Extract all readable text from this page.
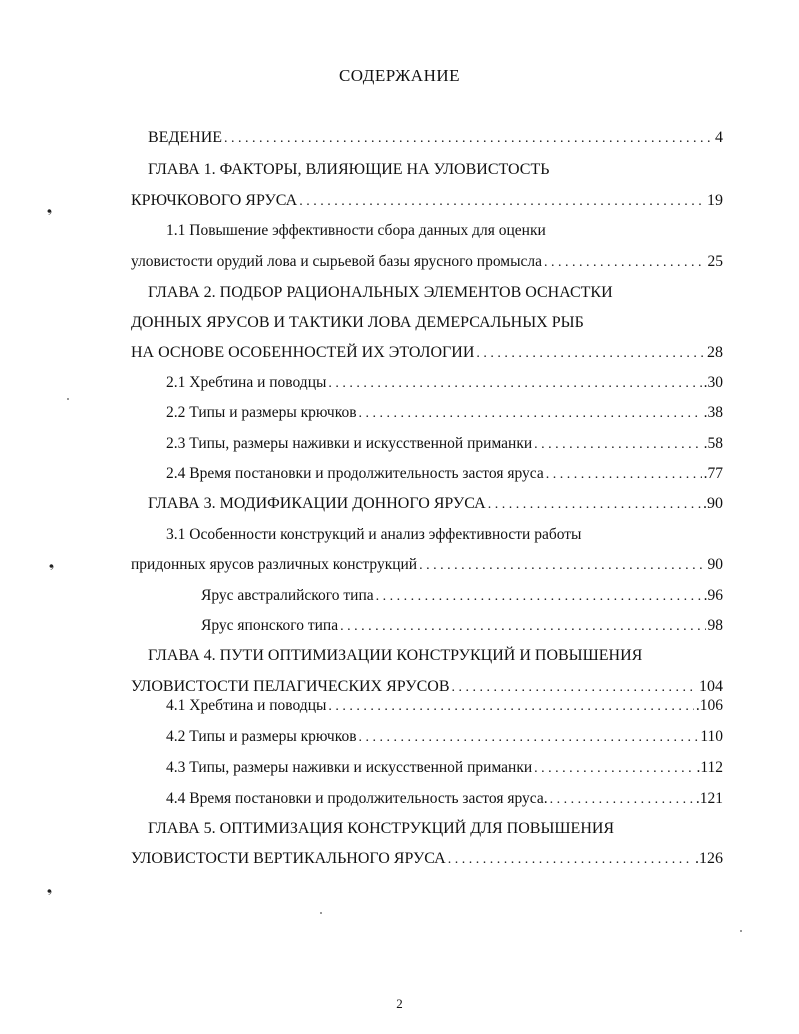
СОДЕРЖАНИЕ
ВЕДЕНИЕ . . .	4
ГЛАВА 1. ФАКТОРЫ, ВЛИЯЮЩИЕ НА УЛОВИСТОСТЬ
КРЮЧКОВОГО ЯРУСА . . .	19
1.1 Повышение эффективности сбора данных для оценки
уловистости орудий лова и сырьевой базы ярусного промысла . . .	25
ГЛАВА 2. ПОДБОР РАЦИОНАЛЬНЫХ ЭЛЕМЕНТОВ ОСНАСТКИ
ДОННЫХ ЯРУСОВ И ТАКТИКИ ЛОВА ДЕМЕРСАЛЬНЫХ РЫБ
НА ОСНОВЕ ОСОБЕННОСТЕЙ ИХ ЭТОЛОГИИ . . .	28
2.1 Хребтина и поводцы . . .	.30
2.2 Типы и размеры крючков . . .	.38
2.3 Типы, размеры наживки и искусственной приманки . . .	.58
2.4 Время постановки и продолжительность застоя яруса . . .	.77
ГЛАВА 3. МОДИФИКАЦИИ ДОННОГО ЯРУСА . . .	.90
3.1 Особенности конструкций и анализ эффективности работы
придонных ярусов различных конструкций . . .	90
Ярус австралийского типа . . .	.96
Ярус японского типа . . .	98
ГЛАВА 4. ПУТИ ОПТИМИЗАЦИИ КОНСТРУКЦИЙ И ПОВЫШЕНИЯ
УЛОВИСТОСТИ ПЕЛАГИЧЕСКИХ ЯРУСОВ . . .	104
4.1 Хребтина и поводцы . . .	.106
4.2 Типы и размеры крючков . . .	110
4.3 Типы, размеры наживки и искусственной приманки . . .	.112
4.4 Время постановки и продолжительность застоя яруса. . . .	.121
ГЛАВА 5. ОПТИМИЗАЦИЯ КОНСТРУКЦИЙ ДЛЯ ПОВЫШЕНИЯ
УЛОВИСТОСТИ ВЕРТИКАЛЬНОГО ЯРУСА . . .	.126
2
❟
❟
❟
